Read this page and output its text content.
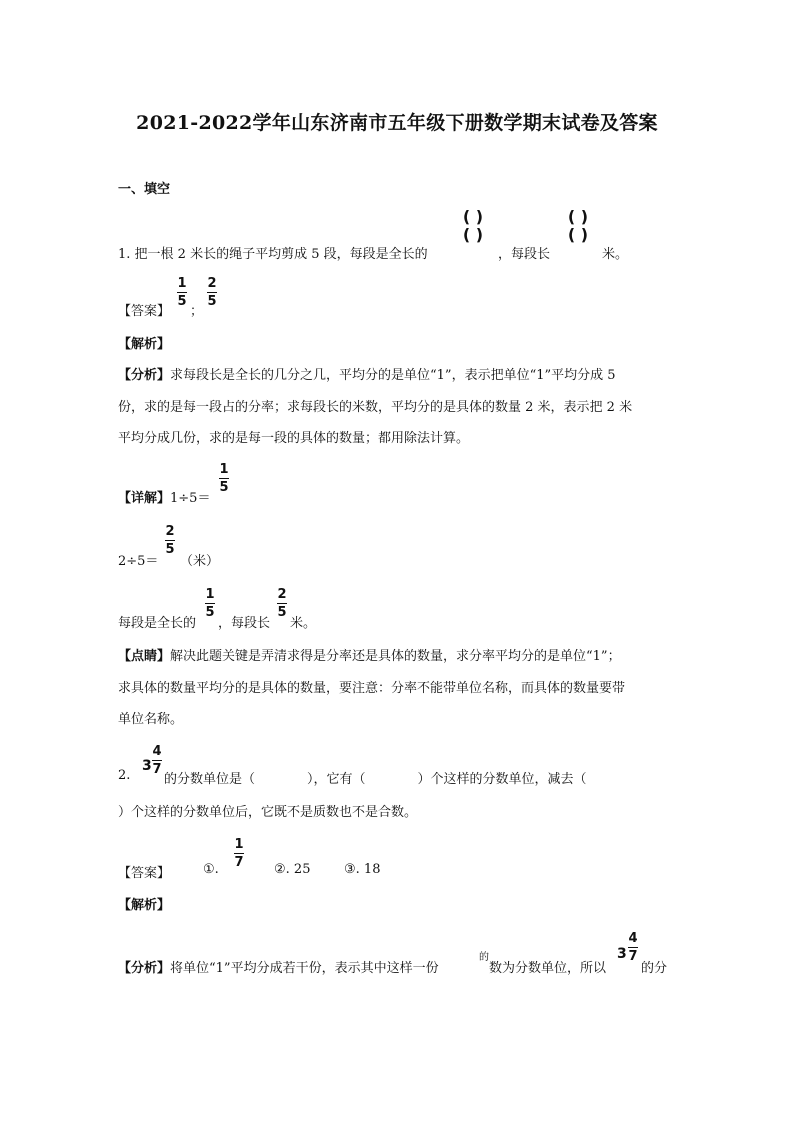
2021-2022学年山东济南市五年级下册数学期末试卷及答案
一、填空
1. 把一根 2 米长的绳子平均剪成 5 段，每段是全长的
( )
( )
，每段长
( )
( )
米。
【答案】
1
5
；
2
5
【解析】
【分析】求每段长是全长的几分之几，平均分的是单位“1”，表示把单位“1”平均分成 5
份，求的是每一段占的分率；求每段长的米数，平均分的是具体的数量 2 米，表示把 2 米
平均分成几份，求的是每一段的具体的数量；都用除法计算。
【详解】1÷5＝
1
5
2÷5＝
2
5
（米）
每段是全长的
1
5
，每段长
2
5
米。
【点睛】解决此题关键是弄清求得是分率还是具体的数量，求分率平均分的是单位“1”；
求具体的数量平均分的是具体的数量，要注意：分率不能带单位名称，而具体的数量要带
单位名称。
2.
3
4
7
的分数单位是（　　　　），它有（　　　　）个这样的分数单位，减去（
）个这样的分数单位后，它既不是质数也不是合数。
【答案】	①.
1
7 ②. 25	③. 18
【解析】
【分析】将单位“1”平均分成若干份，表示其中这样一份
的
数为分数单位，所以
3
4
7
的分
